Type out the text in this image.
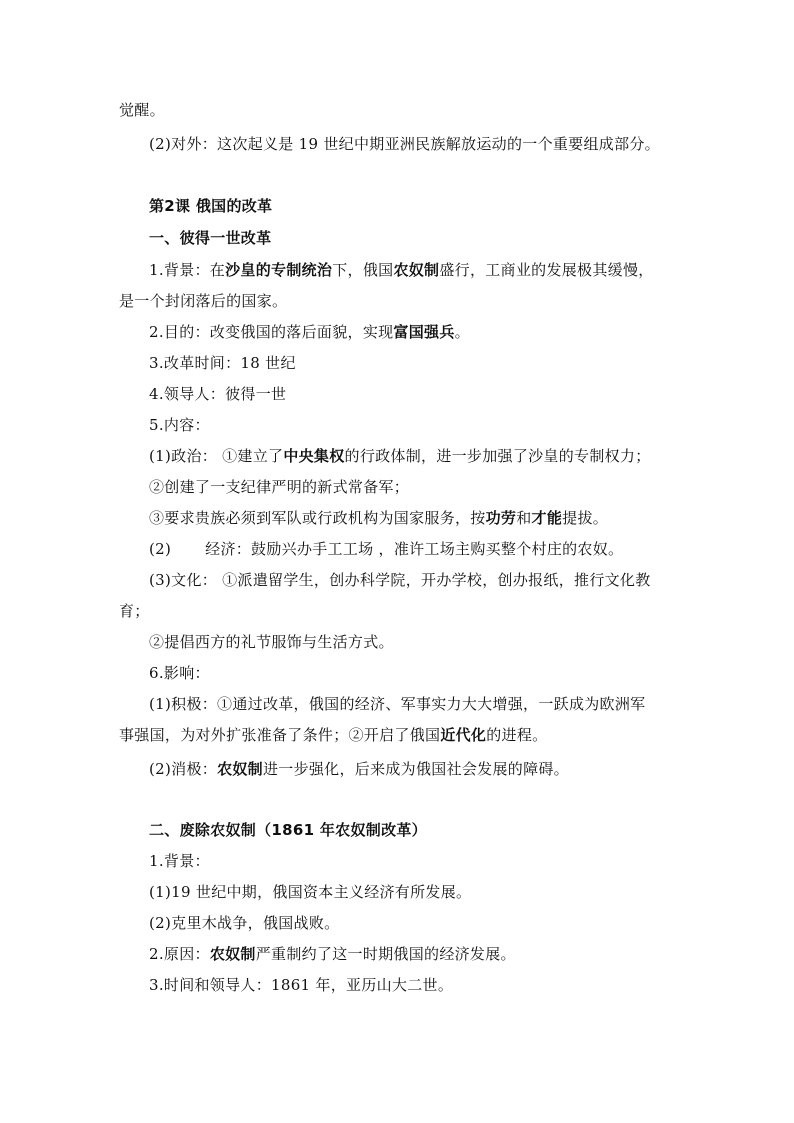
觉醒。
(2)对外：这次起义是 19 世纪中期亚洲民族解放运动的一个重要组成部分。
第2课 俄国的改革
一、彼得一世改革
1.背景：在沙皇的专制统治下，俄国农奴制盛行，工商业的发展极其缓慢，
是一个封闭落后的国家。
2.目的：改变俄国的落后面貌，实现富国强兵。
3.改革时间：18 世纪
4.领导人：彼得一世
5.内容：
(1)政治： ①建立了中央集权的行政体制，进一步加强了沙皇的专制权力；
②创建了一支纪律严明的新式常备军；
③要求贵族必须到军队或行政机构为国家服务，按功劳和才能提拔。
(2) 经济：鼓励兴办手工工场 ，准许工场主购买整个村庄的农奴。
(3)文化： ①派遣留学生，创办科学院，开办学校，创办报纸，推行文化教
育；
②提倡西方的礼节服饰与生活方式。
6.影响：
(1)积极：①通过改革，俄国的经济、军事实力大大增强，一跃成为欧洲军
事强国，为对外扩张准备了条件；②开启了俄国近代化的进程。
(2)消极：农奴制进一步强化，后来成为俄国社会发展的障碍。
二、废除农奴制（1861 年农奴制改革）
1.背景：
(1)19 世纪中期，俄国资本主义经济有所发展。
(2)克里木战争，俄国战败。
2.原因：农奴制严重制约了这一时期俄国的经济发展。
3.时间和领导人：1861 年，亚历山大二世。
